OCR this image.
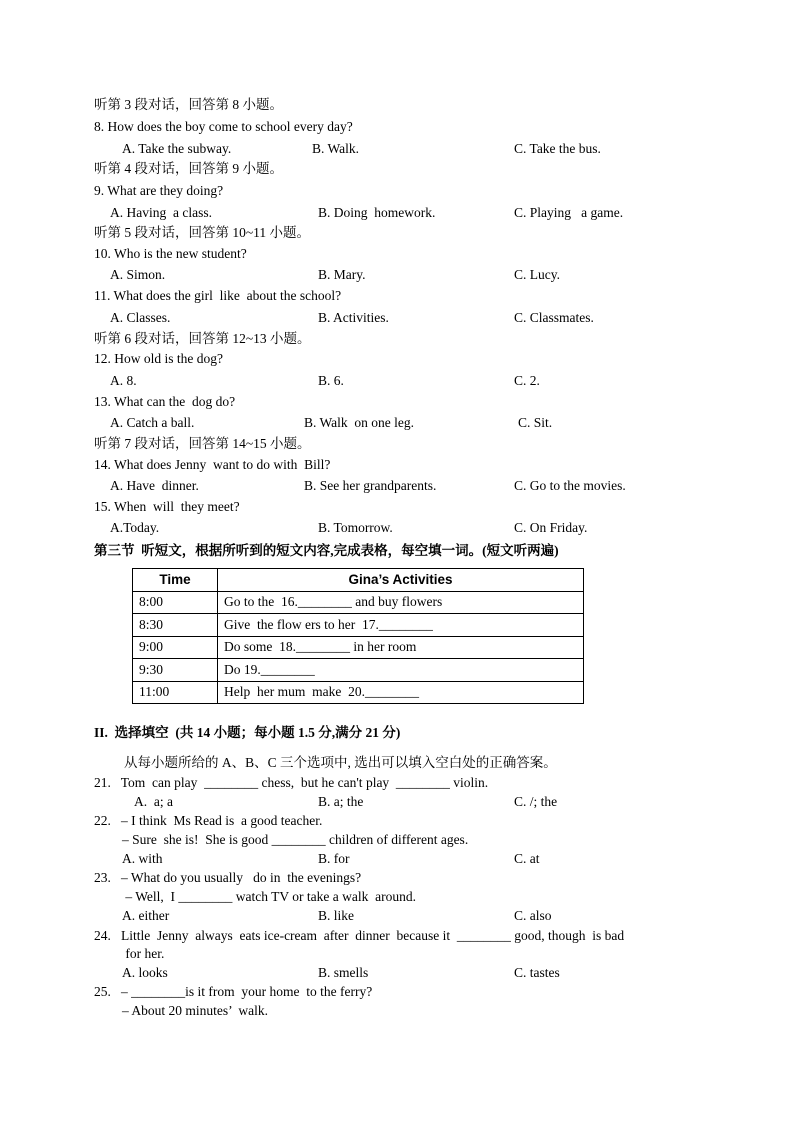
听第 3 段对话，回答第 8 小题。
8. How does the boy come to school every day?
A. Take the subway.	B. Walk.	C. Take the bus.
听第 4 段对话，回答第 9 小题。
9. What are they doing?
A. Having  a class.	B. Doing  homework.	C. Playing   a game.
听第 5 段对话，回答第 10~11 小题。
10. Who is the new student?
A. Simon.	B. Mary.	C. Lucy.
11. What does the girl  like  about the school?
A. Classes.	B. Activities.	C. Classmates.
听第 6 段对话，回答第 12~13 小题。
12. How old is the dog?
A. 8.	B. 6.	C. 2.
13. What can the  dog do?
A. Catch a ball.	B. Walk  on one leg.	C. Sit.
听第 7 段对话，回答第 14~15 小题。
14. What does Jenny  want to do with  Bill?
A. Have  dinner.	B. See her grandparents.	C. Go to the movies.
15. When  will  they meet?
A.Today.	B. Tomorrow.	C. On Friday.
第三节  听短文，根据所听到的短文内容,完成表格，每空填一词。(短文听两遍)
Time	Gina’s Activities
8:00	Go to the  16.________ and buy flowers
8:30	Give  the flow ers to her  17.________
9:00	Do some  18.________ in her room
9:30	Do 19.________
11:00	Help  her mum  make  20.________
II.  选择填空  (共 14 小题；每小题 1.5 分,满分 21 分)
从每小题所给的 A、B、C 三个选项中, 选出可以填入空白处的正确答案。
21.   Tom  can play  ________ chess,  but he can't play  ________ violin.
A.  a; a	B. a; the	C. /; the
22.   – I think  Ms Read is  a good teacher.
– Sure  she is!  She is good ________ children of different ages.
A. with	B. for	C. at
23.   – What do you usually   do in  the evenings?
– Well,  I ________ watch TV or take a walk  around.
A. either	B. like	C. also
24.   Little  Jenny  always  eats ice-cream  after  dinner  because it  ________ good, though  is bad
for her.
A. looks	B. smells	C. tastes
25.   – ________is it from  your home  to the ferry?
– About 20 minutes’  walk.
